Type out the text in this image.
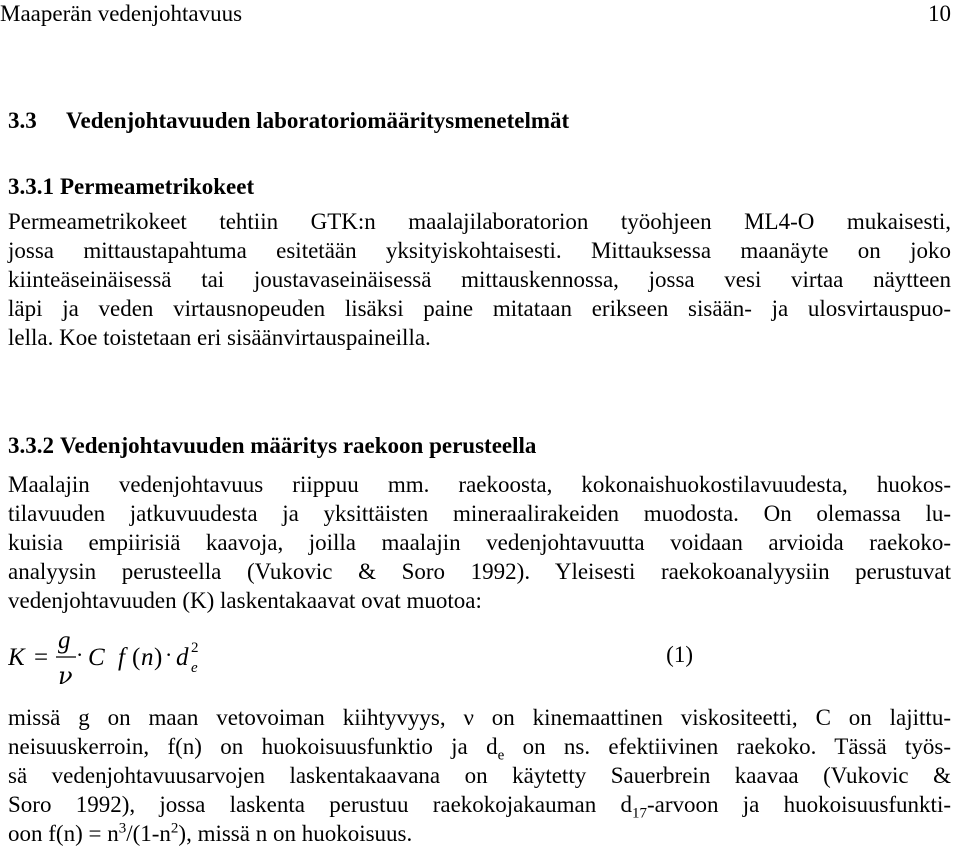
Maaperän vedenjohtavuus	10
3.3 Vedenjohtavuuden laboratoriomääritysmenetelmät
3.3.1 Permeametrikokeet
Permeametrikokeet tehtiin GTK:n maalajilaboratorion työohjeen ML4-O mukaisesti,
jossa mittaustapahtuma esitetään yksityiskohtaisesti. Mittauksessa maanäyte on joko
kiinteäseinäisessä tai joustavaseinäisessä mittauskennossa, jossa vesi virtaa näytteen
läpi ja veden virtausnopeuden lisäksi paine mitataan erikseen sisään- ja ulosvirtauspuo-
lella. Koe toistetaan eri sisäänvirtauspaineilla.
3.3.2 Vedenjohtavuuden määritys raekoon perusteella
Maalajin vedenjohtavuus riippuu mm. raekoosta, kokonaishuokostilavuudesta, huokos-
tilavuuden jatkuvuudesta ja yksittäisten mineraalirakeiden muodosta. On olemassa lu-
kuisia empiirisiä kaavoja, joilla maalajin vedenjohtavuutta voidaan arvioida raekoko-
analyysin perusteella (Vukovic & Soro 1992). Yleisesti raekokoanalyysiin perustuvat
vedenjohtavuuden (K) laskentakaavat ovat muotoa:
K =
g
ν
· C f ( n ) · d 2
e
(1)
missä g on maan vetovoiman kiihtyvyys, ν on kinemaattinen viskositeetti, C on lajittu-
neisuuskerroin, f(n) on huokoisuusfunktio ja $d_e$ on ns. efektiivinen raekoko. Tässä työs-
sä vedenjohtavuusarvojen laskentakaavana on käytetty Sauerbrein kaavaa (Vukovic &
Soro 1992), jossa laskenta perustuu raekokojakauman $d_{17}$-arvoon ja huokoisuusfunkti-
oon $f(n) = n^3/(1-n^2)$, missä n on huokoisuus.
